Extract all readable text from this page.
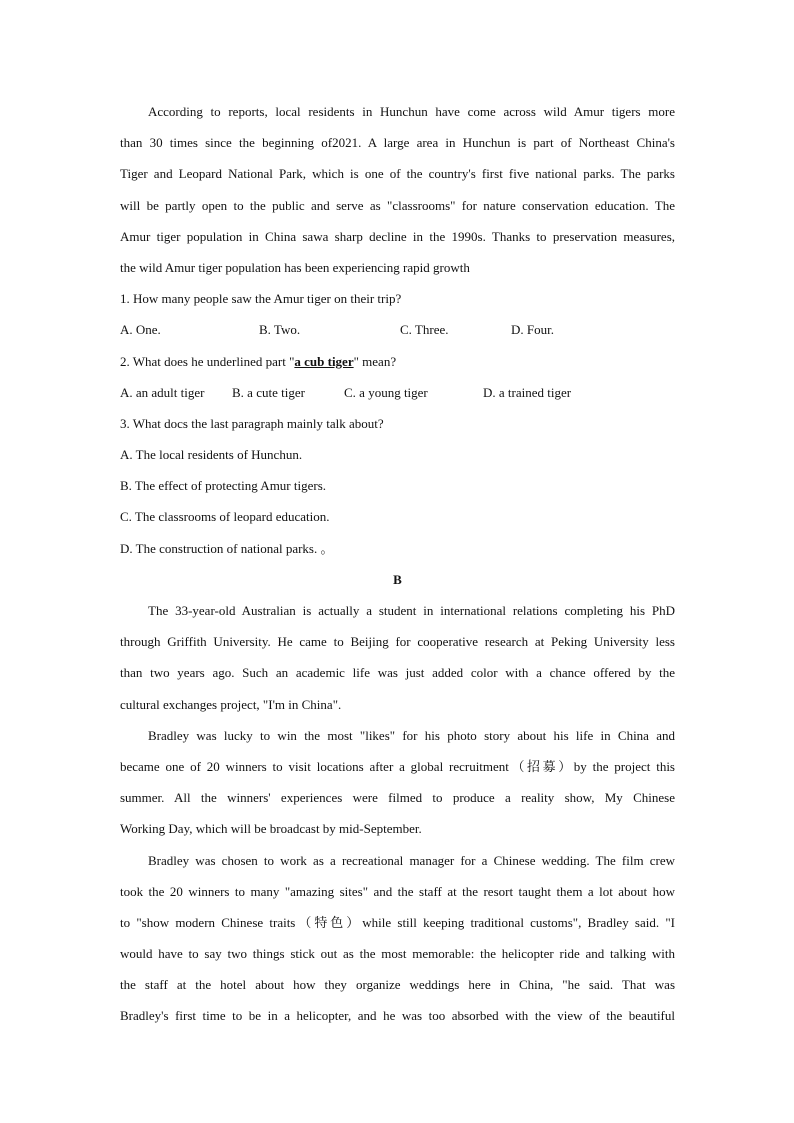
According to reports, local residents in Hunchun have come across wild Amur tigers more
than 30 times since the beginning of2021. A large area in Hunchun is part of Northeast China's
Tiger and Leopard National Park, which is one of the country's first five national parks. The parks
will be partly open to the public and serve as "classrooms" for nature conservation education. The
Amur tiger population in China sawa sharp decline in the 1990s. Thanks to preservation measures,
the wild Amur tiger population has been experiencing rapid growth
1. How many people saw the Amur tiger on their trip?
A. One.	B. Two.	C. Three.	D. Four.
2. What does he underlined part "a cub tiger" mean?
A. an adult tiger B. a cute tiger	C. a young tiger	D. a trained tiger
3. What docs the last paragraph mainly talk about?
A. The local residents of Hunchun.
B. The effect of protecting Amur tigers.
C. The classrooms of leopard education.
D. The construction of national parks. 。
B
The 33-year-old Australian is actually a student in international relations completing his PhD
through Griffith University. He came to Beijing for cooperative research at Peking University less
than two years ago. Such an academic life was just added color with a chance offered by the
cultural exchanges project, "I'm in China".
Bradley was lucky to win the most "likes" for his photo story about his life in China and
became one of 20 winners to visit locations after a global recruitment（招募）by the project this
summer. All the winners' experiences were filmed to produce a reality show, My Chinese
Working Day, which will be broadcast by mid-September.
Bradley was chosen to work as a recreational manager for a Chinese wedding. The film crew
took the 20 winners to many "amazing sites" and the staff at the resort taught them a lot about how
to "show modern Chinese traits（特色）while still keeping traditional customs", Bradley said. "I
would have to say two things stick out as the most memorable: the helicopter ride and talking with
the staff at the hotel about how they organize weddings here in China, "he said. That was
Bradley's first time to be in a helicopter, and he was too absorbed with the view of the beautiful
